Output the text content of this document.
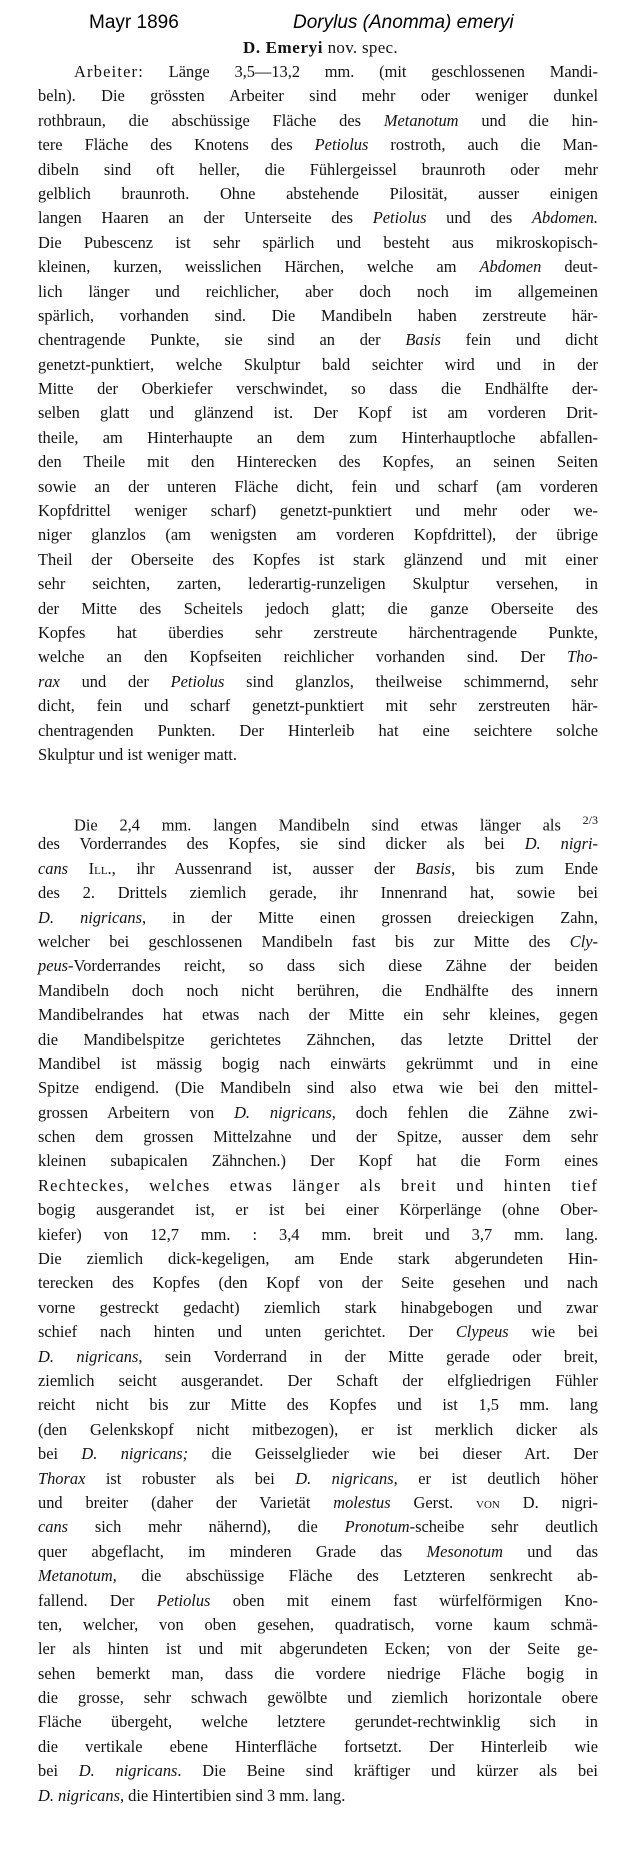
Mayr 1896	Dorylus (Anomma) emeryi
D. Emeryi nov. spec.
Arbeiter: Länge 3,5—13,2 mm. (mit geschlossenen Mandi-
beln). Die grössten Arbeiter sind mehr oder weniger dunkel
rothbraun, die abschüssige Fläche des Metanotum und die hin-
tere Fläche des Knotens des Petiolus rostroth, auch die Man-
dibeln sind oft heller, die Fühlergeissel braunroth oder mehr
gelblich braunroth. Ohne abstehende Pilosität, ausser einigen
langen Haaren an der Unterseite des Petiolus und des Abdomen.
Die Pubescenz ist sehr spärlich und besteht aus mikroskopisch-
kleinen, kurzen, weisslichen Härchen, welche am Abdomen deut-
lich länger und reichlicher, aber doch noch im allgemeinen
spärlich, vorhanden sind. Die Mandibeln haben zerstreute här-
chentragende Punkte, sie sind an der Basis fein und dicht
genetzt-punktiert, welche Skulptur bald seichter wird und in der
Mitte der Oberkiefer verschwindet, so dass die Endhälfte der-
selben glatt und glänzend ist. Der Kopf ist am vorderen Drit-
theile, am Hinterhaupte an dem zum Hinterhauptloche abfallen-
den Theile mit den Hinterecken des Kopfes, an seinen Seiten
sowie an der unteren Fläche dicht, fein und scharf (am vorderen
Kopfdrittel weniger scharf) genetzt-punktiert und mehr oder we-
niger glanzlos (am wenigsten am vorderen Kopfdrittel), der übrige
Theil der Oberseite des Kopfes ist stark glänzend und mit einer
sehr seichten, zarten, lederartig-runzeligen Skulptur versehen, in
der Mitte des Scheitels jedoch glatt; die ganze Oberseite des
Kopfes hat überdies sehr zerstreute härchentragende Punkte,
welche an den Kopfseiten reichlicher vorhanden sind. Der Tho-
rax und der Petiolus sind glanzlos, theilweise schimmernd, sehr
dicht, fein und scharf genetzt-punktiert mit sehr zerstreuten här-
chentragenden Punkten. Der Hinterleib hat eine seichtere solche
Skulptur und ist weniger matt.
Die 2,4 mm. langen Mandibeln sind etwas länger als $^{2/3}$
des Vorderrandes des Kopfes, sie sind dicker als bei D. nigri-
cans Ill., ihr Aussenrand ist, ausser der Basis, bis zum Ende
des 2. Drittels ziemlich gerade, ihr Innenrand hat, sowie bei
D. nigricans, in der Mitte einen grossen dreieckigen Zahn,
welcher bei geschlossenen Mandibeln fast bis zur Mitte des Cly-
peus-Vorderrandes reicht, so dass sich diese Zähne der beiden
Mandibeln doch noch nicht berühren, die Endhälfte des innern
Mandibelrandes hat etwas nach der Mitte ein sehr kleines, gegen
die Mandibelspitze gerichtetes Zähnchen, das letzte Drittel der
Mandibel ist mässig bogig nach einwärts gekrümmt und in eine
Spitze endigend. (Die Mandibeln sind also etwa wie bei den mittel-
grossen Arbeitern von D. nigricans, doch fehlen die Zähne zwi-
schen dem grossen Mittelzahne und der Spitze, ausser dem sehr
kleinen subapicalen Zähnchen.) Der Kopf hat die Form eines
Rechteckes, welches etwas länger als breit und hinten tief
bogig ausgerandet ist, er ist bei einer Körperlänge (ohne Ober-
kiefer) von 12,7 mm. : 3,4 mm. breit und 3,7 mm. lang.
Die ziemlich dick-kegeligen, am Ende stark abgerundeten Hin-
terecken des Kopfes (den Kopf von der Seite gesehen und nach
vorne gestreckt gedacht) ziemlich stark hinabgebogen und zwar
schief nach hinten und unten gerichtet. Der Clypeus wie bei
D. nigricans, sein Vorderrand in der Mitte gerade oder breit,
ziemlich seicht ausgerandet. Der Schaft der elfgliedrigen Fühler
reicht nicht bis zur Mitte des Kopfes und ist 1,5 mm. lang
(den Gelenkskopf nicht mitbezogen), er ist merklich dicker als
bei D. nigricans; die Geisselglieder wie bei dieser Art. Der
Thorax ist robuster als bei D. nigricans, er ist deutlich höher
und breiter (daher der Varietät molestus Gerst. von D. nigri-
cans sich mehr nähernd), die Pronotum-scheibe sehr deutlich
quer abgeflacht, im minderen Grade das Mesonotum und das
Metanotum, die abschüssige Fläche des Letzteren senkrecht ab-
fallend. Der Petiolus oben mit einem fast würfelförmigen Kno-
ten, welcher, von oben gesehen, quadratisch, vorne kaum schmä-
ler als hinten ist und mit abgerundeten Ecken; von der Seite ge-
sehen bemerkt man, dass die vordere niedrige Fläche bogig in
die grosse, sehr schwach gewölbte und ziemlich horizontale obere
Fläche übergeht, welche letztere gerundet-rechtwinklig sich in
die vertikale ebene Hinterfläche fortsetzt. Der Hinterleib wie
bei D. nigricans. Die Beine sind kräftiger und kürzer als bei
D. nigricans, die Hintertibien sind 3 mm. lang.
